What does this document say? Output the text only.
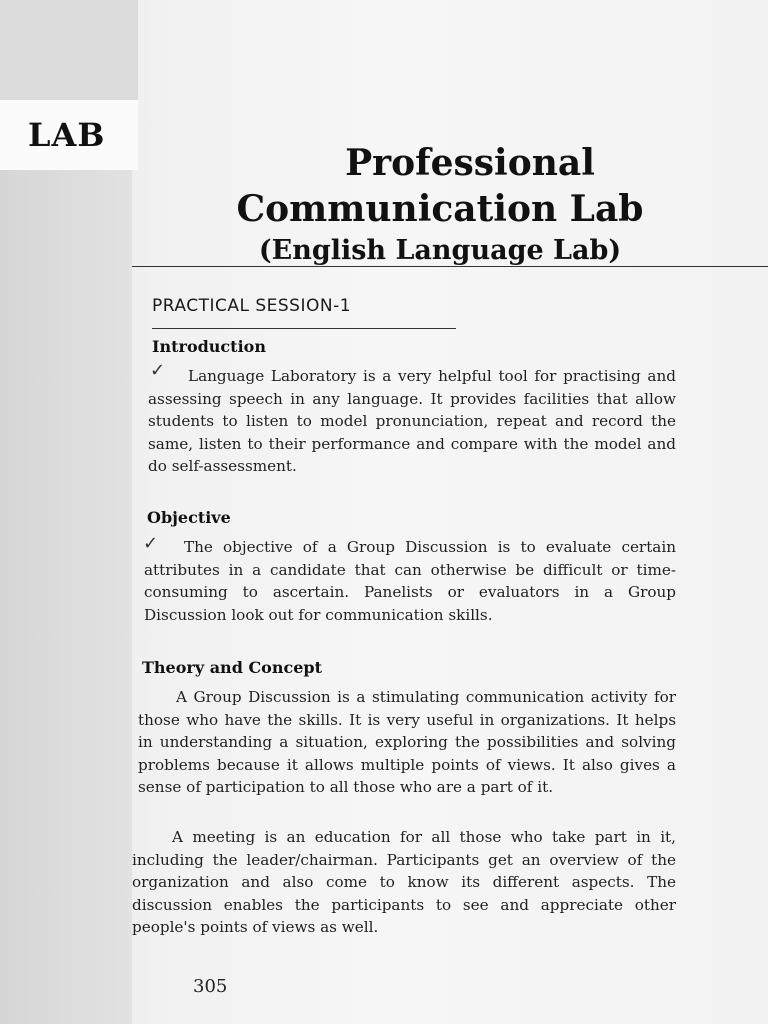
LAB
Professional
Communication Lab
(English Language Lab)
PRACTICAL SESSION-1
Introduction
✓	Language Laboratory is a very helpful tool for practising and assessing speech in any language. It provides facilities that allow students to listen to model pronunciation, repeat and record the same, listen to their performance and compare with the model and do self-assessment.

Objective
✓	The objective of a Group Discussion is to evaluate certain attributes in a candidate that can otherwise be difficult or time-consuming to ascertain. Panelists or evaluators in a Group Discussion look out for communication skills.

Theory and Concept

A Group Discussion is a stimulating communication activity for those who have the skills. It is very useful in organizations. It helps in understanding a situation, exploring the possibilities and solving problems because it allows multiple points of views. It also gives a sense of participation to all those who are a part of it.

A meeting is an education for all those who take part in it, including the leader/chairman. Participants get an overview of the organization and also come to know its different aspects. The discussion enables the participants to see and appreciate other people's points of views as well.

305
